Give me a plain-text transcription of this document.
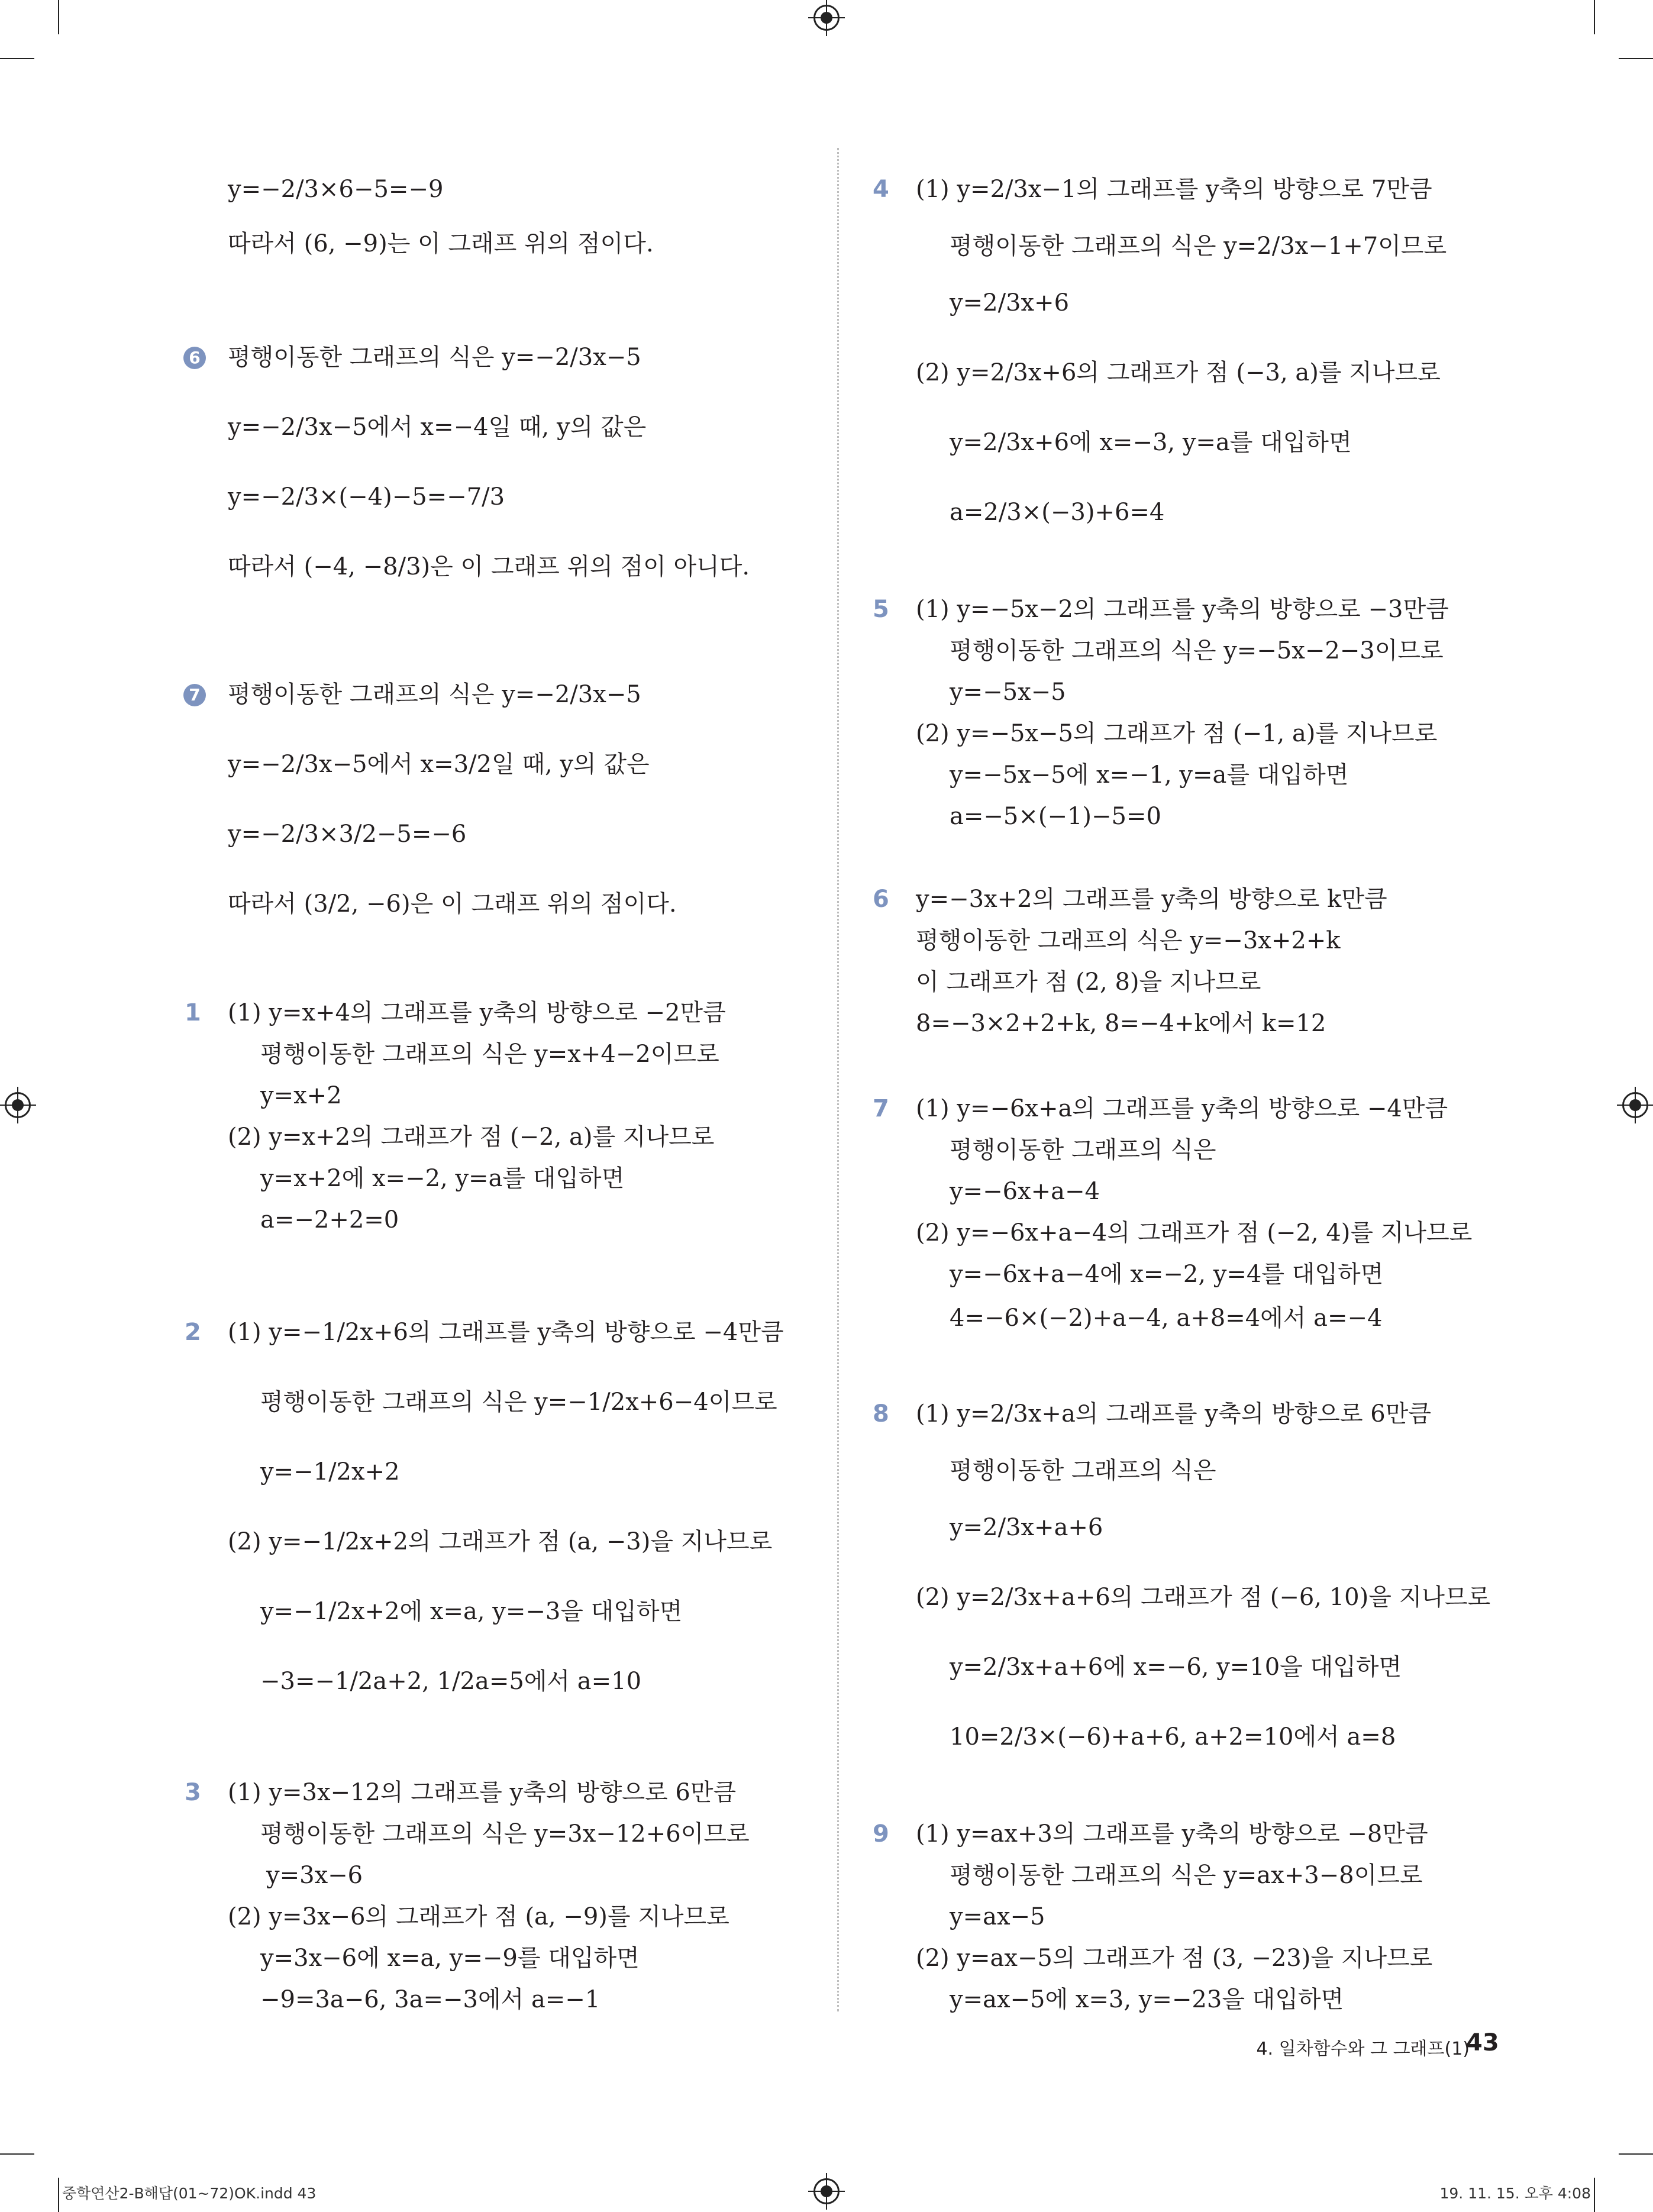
y=−2/3×6−5=−9
따라서 (6, −9)는 이 그래프 위의 점이다.
6 평행이동한 그래프의 식은 y=−2/3x−5
y=−2/3x−5에서 x=−4일 때, y의 값은
y=−2/3×(−4)−5=−7/3
따라서 (−4, −8/3)은 이 그래프 위의 점이 아니다.
7 평행이동한 그래프의 식은 y=−2/3x−5
y=−2/3x−5에서 x=3/2일 때, y의 값은
y=−2/3×3/2−5=−6
따라서 (3/2, −6)은 이 그래프 위의 점이다.
1 (1) y=x+4의 그래프를 y축의 방향으로 −2만큼
평행이동한 그래프의 식은 y=x+4−2이므로
y=x+2
(2) y=x+2의 그래프가 점 (−2, a)를 지나므로
y=x+2에 x=−2, y=a를 대입하면
a=−2+2=0
2 (1) y=−1/2x+6의 그래프를 y축의 방향으로 −4만큼
평행이동한 그래프의 식은 y=−1/2x+6−4이므로
y=−1/2x+2
(2) y=−1/2x+2의 그래프가 점 (a, −3)을 지나므로
y=−1/2x+2에 x=a, y=−3을 대입하면
−3=−1/2a+2, 1/2a=5에서 a=10
3 (1) y=3x−12의 그래프를 y축의 방향으로 6만큼
평행이동한 그래프의 식은 y=3x−12+6이므로
y=3x−6
(2) y=3x−6의 그래프가 점 (a, −9)를 지나므로
y=3x−6에 x=a, y=−9를 대입하면
−9=3a−6, 3a=−3에서 a=−1
4 (1) y=2/3x−1의 그래프를 y축의 방향으로 7만큼
평행이동한 그래프의 식은 y=2/3x−1+7이므로
y=2/3x+6
(2) y=2/3x+6의 그래프가 점 (−3, a)를 지나므로
y=2/3x+6에 x=−3, y=a를 대입하면
a=2/3×(−3)+6=4
5 (1) y=−5x−2의 그래프를 y축의 방향으로 −3만큼
평행이동한 그래프의 식은 y=−5x−2−3이므로
y=−5x−5
(2) y=−5x−5의 그래프가 점 (−1, a)를 지나므로
y=−5x−5에 x=−1, y=a를 대입하면
a=−5×(−1)−5=0
6 y=−3x+2의 그래프를 y축의 방향으로 k만큼
평행이동한 그래프의 식은 y=−3x+2+k
이 그래프가 점 (2, 8)을 지나므로
8=−3×2+2+k, 8=−4+k에서 k=12
7 (1) y=−6x+a의 그래프를 y축의 방향으로 −4만큼
평행이동한 그래프의 식은
y=−6x+a−4
(2) y=−6x+a−4의 그래프가 점 (−2, 4)를 지나므로
y=−6x+a−4에 x=−2, y=4를 대입하면
4=−6×(−2)+a−4, a+8=4에서 a=−4
8 (1) y=2/3x+a의 그래프를 y축의 방향으로 6만큼
평행이동한 그래프의 식은
y=2/3x+a+6
(2) y=2/3x+a+6의 그래프가 점 (−6, 10)을 지나므로
y=2/3x+a+6에 x=−6, y=10을 대입하면
10=2/3×(−6)+a+6, a+2=10에서 a=8
9 (1) y=ax+3의 그래프를 y축의 방향으로 −8만큼
평행이동한 그래프의 식은 y=ax+3−8이므로
y=ax−5
(2) y=ax−5의 그래프가 점 (3, −23)을 지나므로
y=ax−5에 x=3, y=−23을 대입하면
4. 일차함수와 그 그래프(1)
43
중학연산2-B해답(01~72)OK.indd 43	19. 11. 15. 오후 4:08
